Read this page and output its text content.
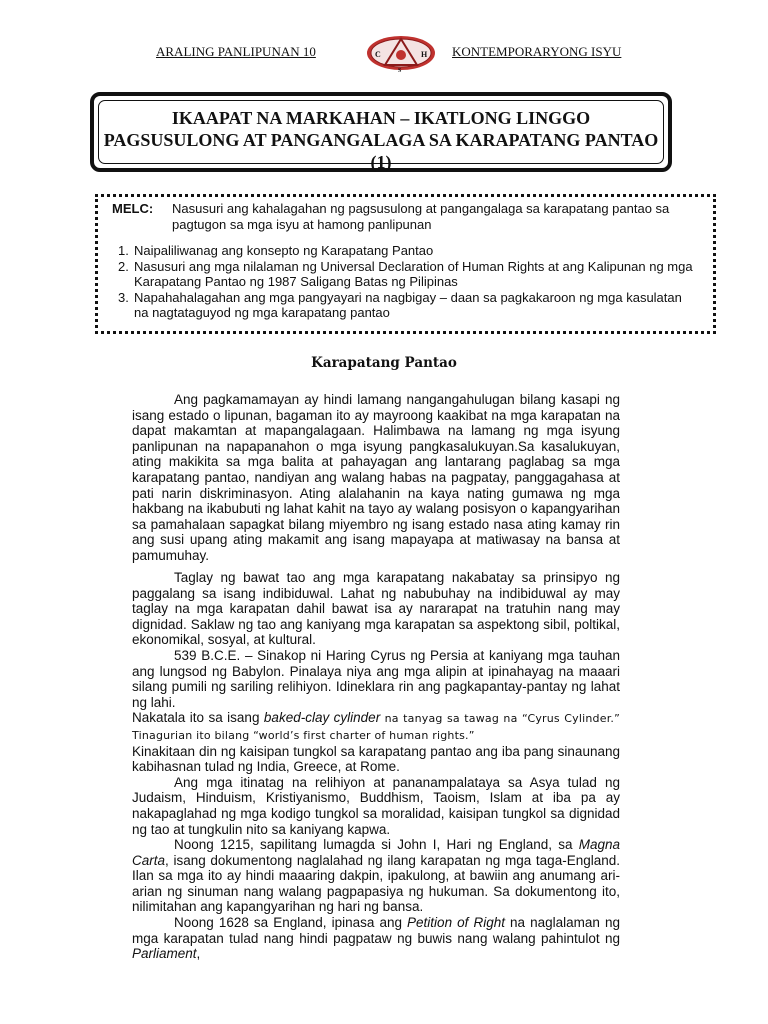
ARALING PANLIPUNAN 10	C	H
S
KONTEMPORARYONG ISYU
IKAAPAT NA MARKAHAN – IKATLONG LINGGO
PAGSUSULONG AT PANGANGALAGA SA KARAPATANG PANTAO
(1)
MELC: Nasusuri ang kahalagahan ng pagsusulong at pangangalaga sa karapatang pantao sa pagtugon sa mga isyu at hamong panlipunan
1. Naipaliliwanag ang konsepto ng Karapatang Pantao
2. Nasusuri ang mga nilalaman ng Universal Declaration of Human Rights at ang Kalipunan ng mga Karapatang Pantao ng 1987 Saligang Batas ng Pilipinas
3. Napahahalagahan ang mga pangyayari na nagbigay – daan sa pagkakaroon ng mga kasulatan na nagtataguyod ng mga karapatang pantao
Karapatang Pantao

Ang pagkamamayan ay hindi lamang nangangahulugan bilang kasapi ng isang estado o lipunan, bagaman ito ay mayroong kaakibat na mga karapatan na dapat makamtan at mapangalagaan. Halimbawa na lamang ng mga isyung panlipunan na napapanahon o mga isyung pangkasalukuyan.Sa kasalukuyan, ating makikita sa mga balita at pahayagan ang lantarang paglabag sa mga karapatang pantao, nandiyan ang walang habas na pagpatay, panggagahasa at pati narin diskriminasyon. Ating alalahanin na kaya nating gumawa ng mga hakbang na ikabubuti ng lahat kahit na tayo ay walang posisyon o kapangyarihan sa pamahalaan sapagkat bilang miyembro ng isang estado nasa ating kamay rin ang susi upang ating makamit ang isang mapayapa at matiwasay na bansa at pamumuhay.

Taglay ng bawat tao ang mga karapatang nakabatay sa prinsipyo ng paggalang sa isang indibiduwal. Lahat ng nabubuhay na indibiduwal ay may taglay na mga karapatan dahil bawat isa ay nararapat na tratuhin nang may dignidad. Saklaw ng tao ang kaniyang mga karapatan sa aspektong sibil, poltikal, ekonomikal, sosyal, at kultural.

539 B.C.E. – Sinakop ni Haring Cyrus ng Persia at kaniyang mga tauhan ang lungsod ng Babylon. Pinalaya niya ang mga alipin at ipinahayag na maaari silang pumili ng sariling relihiyon. Idineklara rin ang pagkapantay-pantay ng lahat ng lahi.

Nakatala ito sa isang baked-clay cylinder na tanyag sa tawag na “Cyrus Cylinder.” Tinagurian ito bilang “world’s first charter of human rights.”

Kinakitaan din ng kaisipan tungkol sa karapatang pantao ang iba pang sinaunang kabihasnan tulad ng India, Greece, at Rome.

Ang mga itinatag na relihiyon at pananampalataya sa Asya tulad ng Judaism, Hinduism, Kristiyanismo, Buddhism, Taoism, Islam at iba pa ay nakapaglahad ng mga kodigo tungkol sa moralidad, kaisipan tungkol sa dignidad ng tao at tungkulin nito sa kaniyang kapwa.

Noong 1215, sapilitang lumagda si John I, Hari ng England, sa Magna Carta, isang dokumentong naglalahad ng ilang karapatan ng mga taga-England. Ilan sa mga ito ay hindi maaaring dakpin, ipakulong, at bawiin ang anumang ari-arian ng sinuman nang walang pagpapasiya ng hukuman. Sa dokumentong ito, nilimitahan ang kapangyarihan ng hari ng bansa.

Noong 1628 sa England, ipinasa ang Petition of Right na naglalaman ng mga karapatan tulad nang hindi pagpataw ng buwis nang walang pahintulot ng Parliament,
